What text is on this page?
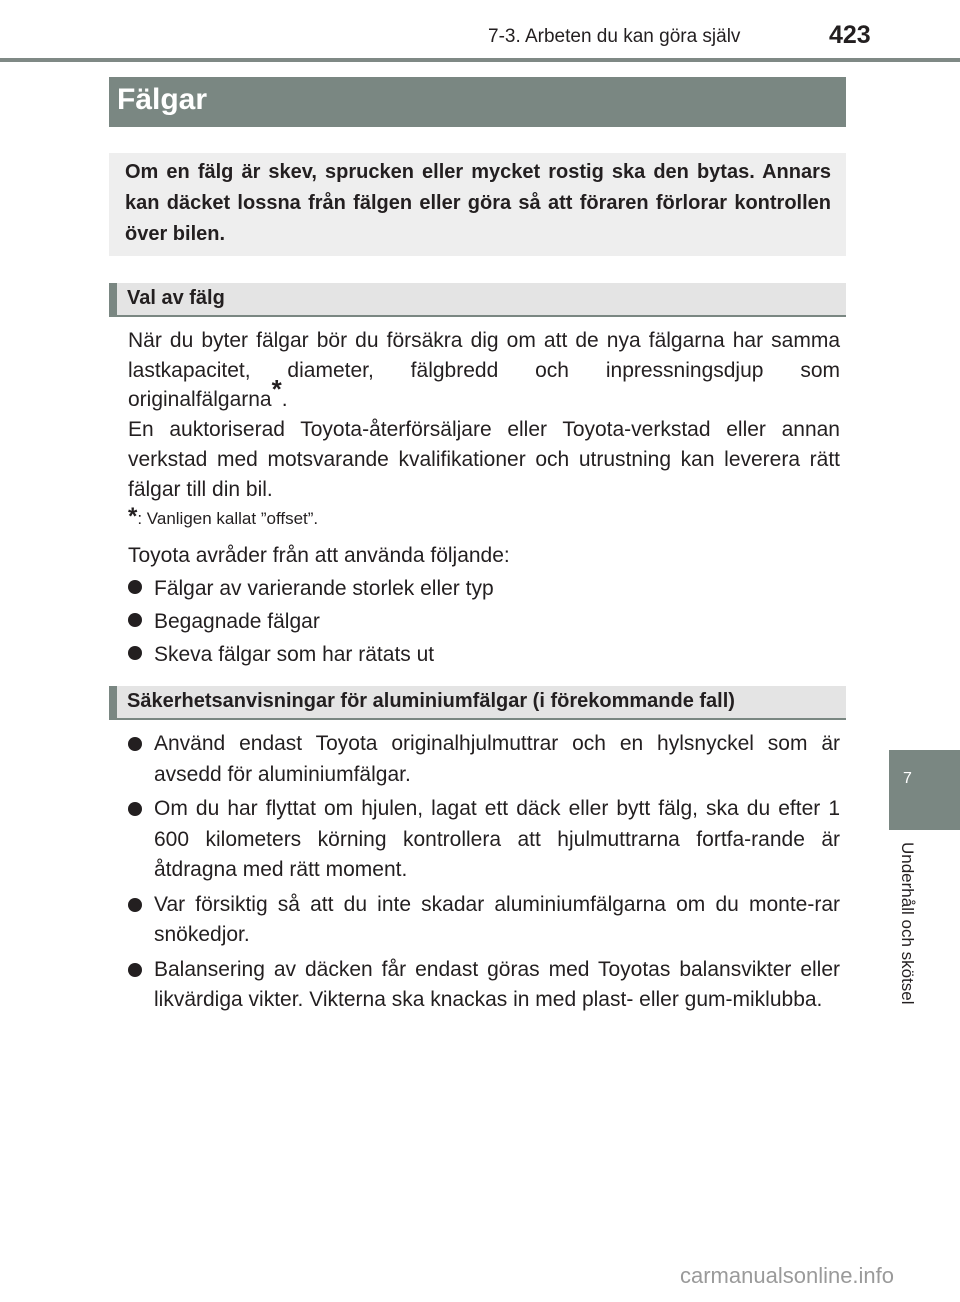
7-3. Arbeten du kan göra själv	423
Fälgar

Om en fälg är skev, sprucken eller mycket rostig ska den bytas. Annars kan däcket lossna från fälgen eller göra så att föraren förlorar kontrollen över bilen.

Val av fälg

När du byter fälgar bör du försäkra dig om att de nya fälgarna har samma lastkapacitet, diameter, fälgbredd och inpressningsdjup som originalfälgarna*.

En auktoriserad Toyota-återförsäljare eller Toyota-verkstad eller annan verkstad med motsvarande kvalifikationer och utrustning kan leverera rätt fälgar till din bil.

*: Vanligen kallat ”offset”.

Toyota avråder från att använda följande:

Fälgar av varierande storlek eller typ
Begagnade fälgar
Skeva fälgar som har rätats ut
Säkerhetsanvisningar för aluminiumfälgar (i förekommande fall)
Använd endast Toyota originalhjulmuttrar och en hylsnyckel som är avsedd för aluminiumfälgar.
Om du har flyttat om hjulen, lagat ett däck eller bytt fälg, ska du efter 1 600 kilometers körning kontrollera att hjulmuttrarna fortfa-rande är åtdragna med rätt moment.
Var försiktig så att du inte skadar aluminiumfälgarna om du monte-rar snökedjor.
Balansering av däcken får endast göras med Toyotas balansvikter eller likvärdiga vikter. Vikterna ska knackas in med plast- eller gum-miklubba.
7
Underhåll och skötsel
carmanualsonline.info
